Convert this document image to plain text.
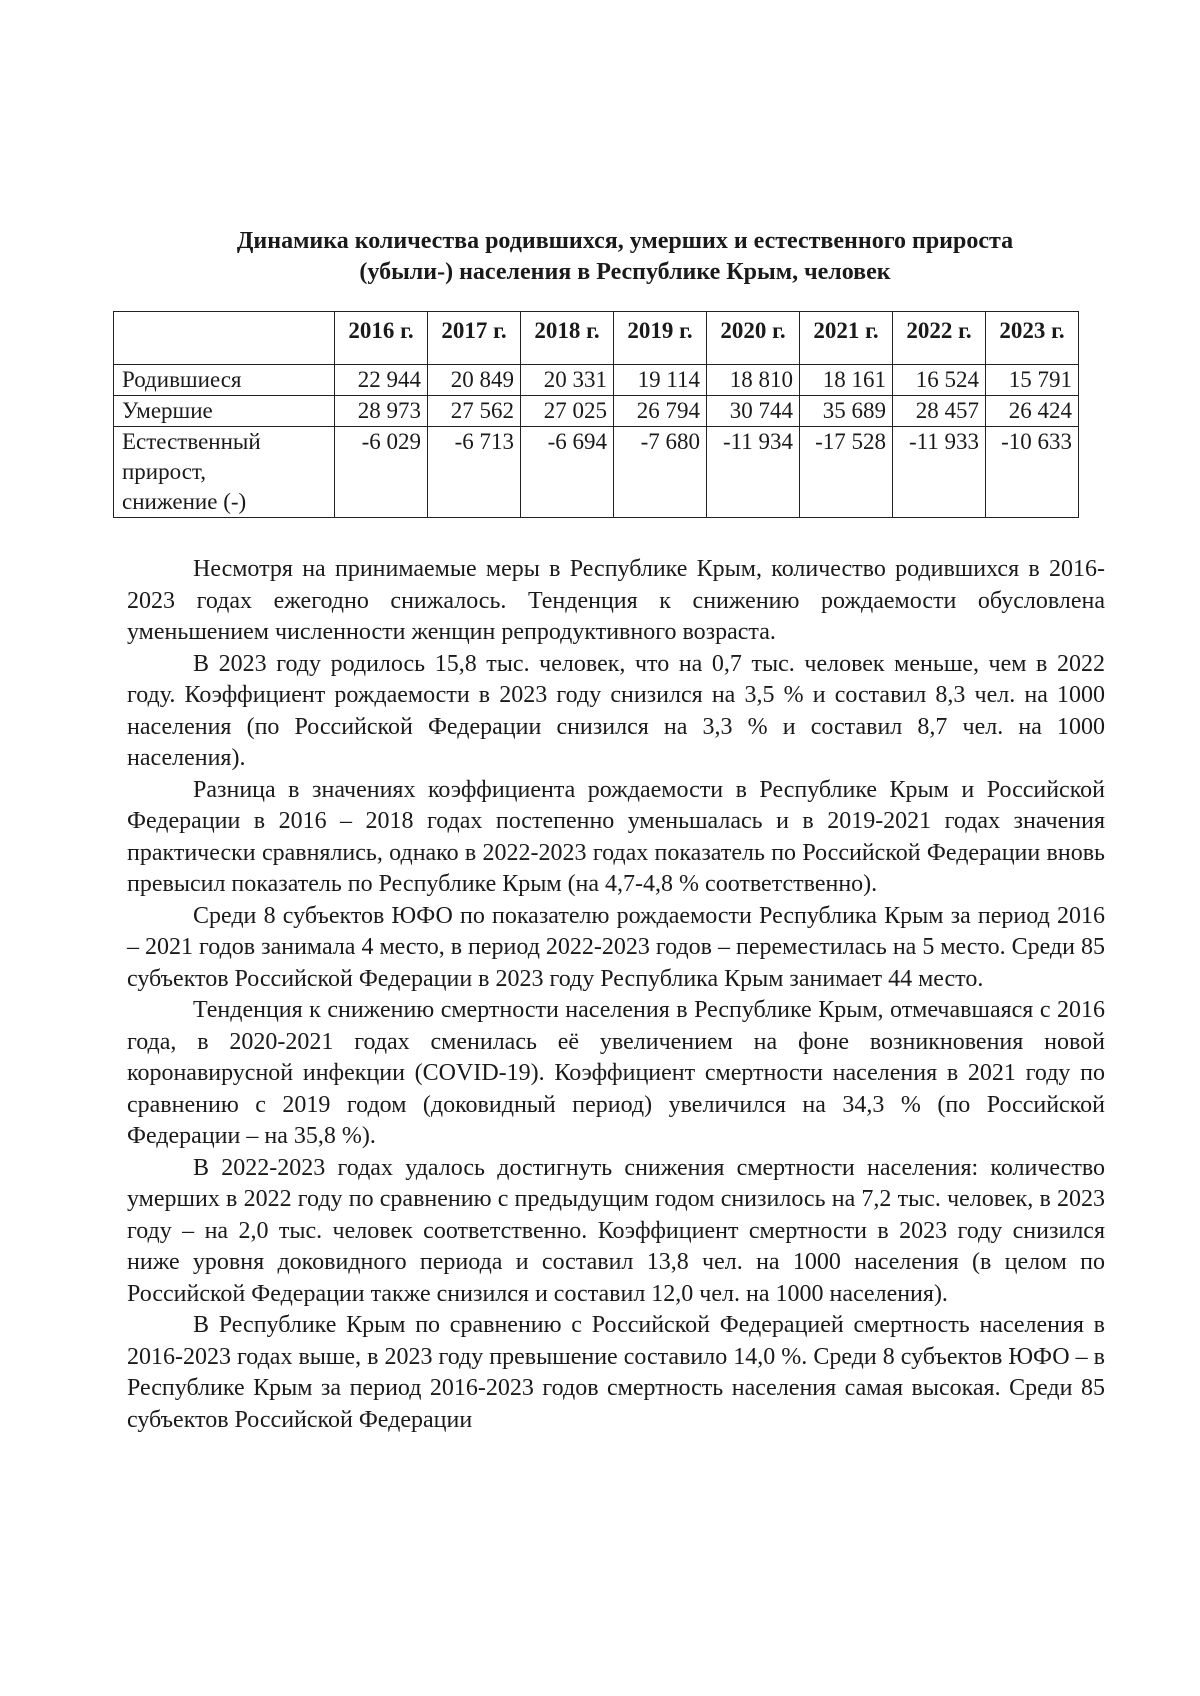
Динамика количества родившихся, умерших и естественного прироста
(убыли-) населения в Республике Крым, человек
	2016 г.	2017 г.	2018 г.	2019 г.	2020 г.	2021 г.	2022 г.	2023 г.
Родившиеся	22 944	20 849	20 331	19 114	18 810	18 161	16 524	15 791
Умершие	28 973	27 562	27 025	26 794	30 744	35 689	28 457	26 424

Естественный
прирост,
снижение (-)	-6 029	-6 713	-6 694	-7 680	-11 934	-17 528	-11 933	-10 633

Несмотря на принимаемые меры в Республике Крым, количество родившихся в 2016-2023 годах ежегодно снижалось. Тенденция к снижению рождаемости обусловлена уменьшением численности женщин репродуктивного возраста.

В 2023 году родилось 15,8 тыс. человек, что на 0,7 тыс. человек меньше, чем в 2022 году. Коэффициент рождаемости в 2023 году снизился на 3,5 % и составил 8,3 чел. на 1000 населения (по Российской Федерации снизился на 3,3 % и составил 8,7 чел. на 1000 населения).

Разница в значениях коэффициента рождаемости в Республике Крым и Российской Федерации в 2016 – 2018 годах постепенно уменьшалась и в 2019-2021 годах значения практически сравнялись, однако в 2022-2023 годах показатель по Российской Федерации вновь превысил показатель по Республике Крым (на 4,7-4,8 % соответственно).

Среди 8 субъектов ЮФО по показателю рождаемости Республика Крым за период 2016 – 2021 годов занимала 4 место, в период 2022-2023 годов – переместилась на 5 место. Среди 85 субъектов Российской Федерации в 2023 году Республика Крым занимает 44 место.

Тенденция к снижению смертности населения в Республике Крым, отмечавшаяся с 2016 года, в 2020-2021 годах сменилась её увеличением на фоне возникновения новой коронавирусной инфекции (COVID-19). Коэффициент смертности населения в 2021 году по сравнению с 2019 годом (доковидный период) увеличился на 34,3 % (по Российской Федерации – на 35,8 %).

В 2022-2023 годах удалось достигнуть снижения смертности населения: количество умерших в 2022 году по сравнению с предыдущим годом снизилось на 7,2 тыс. человек, в 2023 году – на 2,0 тыс. человек соответственно. Коэффициент смертности в 2023 году снизился ниже уровня доковидного периода и составил 13,8 чел. на 1000 населения (в целом по Российской Федерации также снизился и составил 12,0 чел. на 1000 населения).

В Республике Крым по сравнению с Российской Федерацией смертность населения в 2016-2023 годах выше, в 2023 году превышение составило 14,0 %. Среди 8 субъектов ЮФО – в Республике Крым за период 2016-2023 годов смертность населения самая высокая. Среди 85 субъектов Российской Федерации
